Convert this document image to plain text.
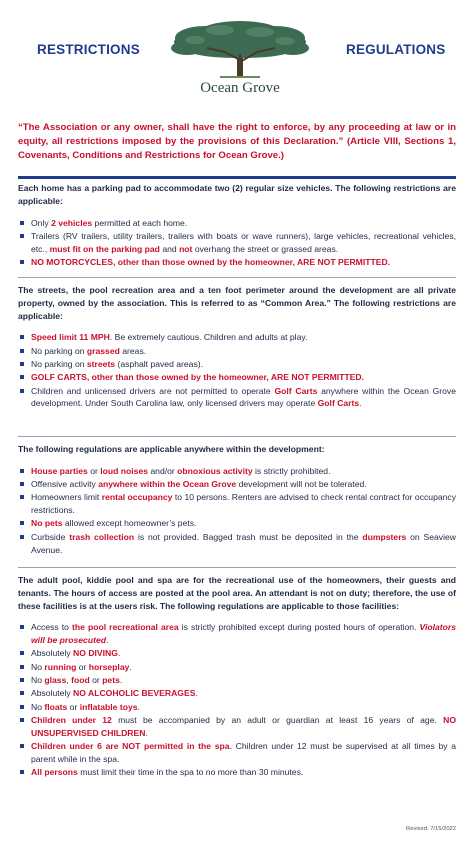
RESTRICTIONS	REGULATIONS
Ocean Grove
“The Association or any owner, shall have the right to enforce, by any proceeding at law or in equity, all restrictions imposed by the provisions of this Declaration.” (Article VIII, Sections 1, Covenants, Conditions and Restrictions for Ocean Grove.)

Each home has a parking pad to accommodate two (2) regular size vehicles. The following restrictions are applicable:

Only 2 vehicles permitted at each home.
Trailers (RV trailers, utility trailers, trailers with boats or wave runners), large vehicles, recreational vehicles, etc., must fit on the parking pad and not overhang the street or grassed areas.
NO MOTORCYCLES, other than those owned by the homeowner, ARE NOT PERMITTED.

The streets, the pool recreation area and a ten foot perimeter around the development are all private property, owned by the association. This is referred to as “Common Area.” The following restrictions are applicable:

Speed limit 11 MPH. Be extremely cautious. Children and adults at play.
No parking on grassed areas.
No parking on streets (asphalt paved areas).
GOLF CARTS, other than those owned by the homeowner, ARE NOT PERMITTED.
Children and unlicensed drivers are not permitted to operate Golf Carts anywhere within the Ocean Grove development. Under South Carolina law, only licensed drivers may operate Golf Carts.

The following regulations are applicable anywhere within the development:

House parties or loud noises and/or obnoxious activity is strictly prohibited.
Offensive activity anywhere within the Ocean Grove development will not be tolerated.
Homeowners limit rental occupancy to 10 persons. Renters are advised to check rental contract for occupancy restrictions.
No pets allowed except homeowner’s pets.
Curbside trash collection is not provided. Bagged trash must be deposited in the dumpsters on Seaview Avenue.

The adult pool, kiddie pool and spa are for the recreational use of the homeowners, their guests and tenants. The hours of access are posted at the pool area. An attendant is not on duty; therefore, the use of these facilities is at the users risk. The following regulations are applicable to those facilities:

Access to the pool recreational area is strictly prohibited except during posted hours of operation. Violators will be prosecuted.
Absolutely NO DIVING.
No running or horseplay.
No glass, food or pets.
Absolutely NO ALCOHOLIC BEVERAGES.
No floats or inflatable toys.
Children under 12 must be accompanied by an adult or guardian at least 16 years of age. NO UNSUPERVISED CHILDREN.
Children under 6 are NOT permitted in the spa. Children under 12 must be supervised at all times by a parent while in the spa.
All persons must limit their time in the spa to no more than 30 minutes.
Revised: 7/15/2022
